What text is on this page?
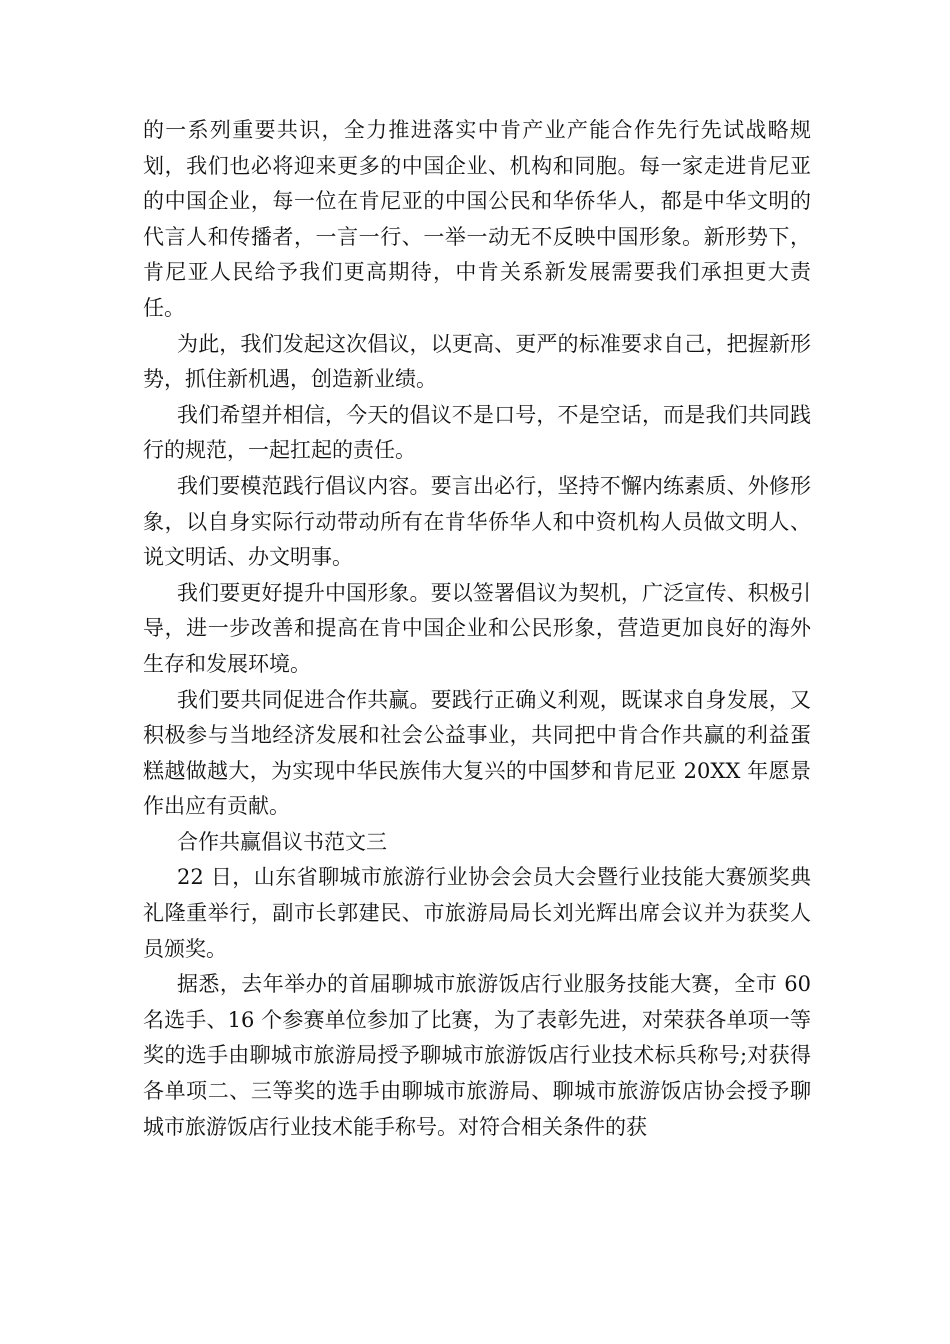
的一系列重要共识，全力推进落实中肯产业产能合作先行先试战略规划，我们也必将迎来更多的中国企业、机构和同胞。每一家走进肯尼亚的中国企业，每一位在肯尼亚的中国公民和华侨华人，都是中华文明的代言人和传播者，一言一行、一举一动无不反映中国形象。新形势下，肯尼亚人民给予我们更高期待，中肯关系新发展需要我们承担更大责任。

为此，我们发起这次倡议，以更高、更严的标准要求自己，把握新形势，抓住新机遇，创造新业绩。

我们希望并相信，今天的倡议不是口号，不是空话，而是我们共同践行的规范，一起扛起的责任。

我们要模范践行倡议内容。要言出必行，坚持不懈内练素质、外修形象，以自身实际行动带动所有在肯华侨华人和中资机构人员做文明人、说文明话、办文明事。

我们要更好提升中国形象。要以签署倡议为契机，广泛宣传、积极引导，进一步改善和提高在肯中国企业和公民形象，营造更加良好的海外生存和发展环境。

我们要共同促进合作共赢。要践行正确义利观，既谋求自身发展，又积极参与当地经济发展和社会公益事业，共同把中肯合作共赢的利益蛋糕越做越大，为实现中华民族伟大复兴的中国梦和肯尼亚 20XX 年愿景作出应有贡献。

合作共赢倡议书范文三

22 日，山东省聊城市旅游行业协会会员大会暨行业技能大赛颁奖典礼隆重举行，副市长郭建民、市旅游局局长刘光辉出席会议并为获奖人员颁奖。

据悉，去年举办的首届聊城市旅游饭店行业服务技能大赛，全市 60 名选手、16 个参赛单位参加了比赛，为了表彰先进，对荣获各单项一等奖的选手由聊城市旅游局授予聊城市旅游饭店行业技术标兵称号;对获得各单项二、三等奖的选手由聊城市旅游局、聊城市旅游饭店协会授予聊城市旅游饭店行业技术能手称号。对符合相关条件的获
